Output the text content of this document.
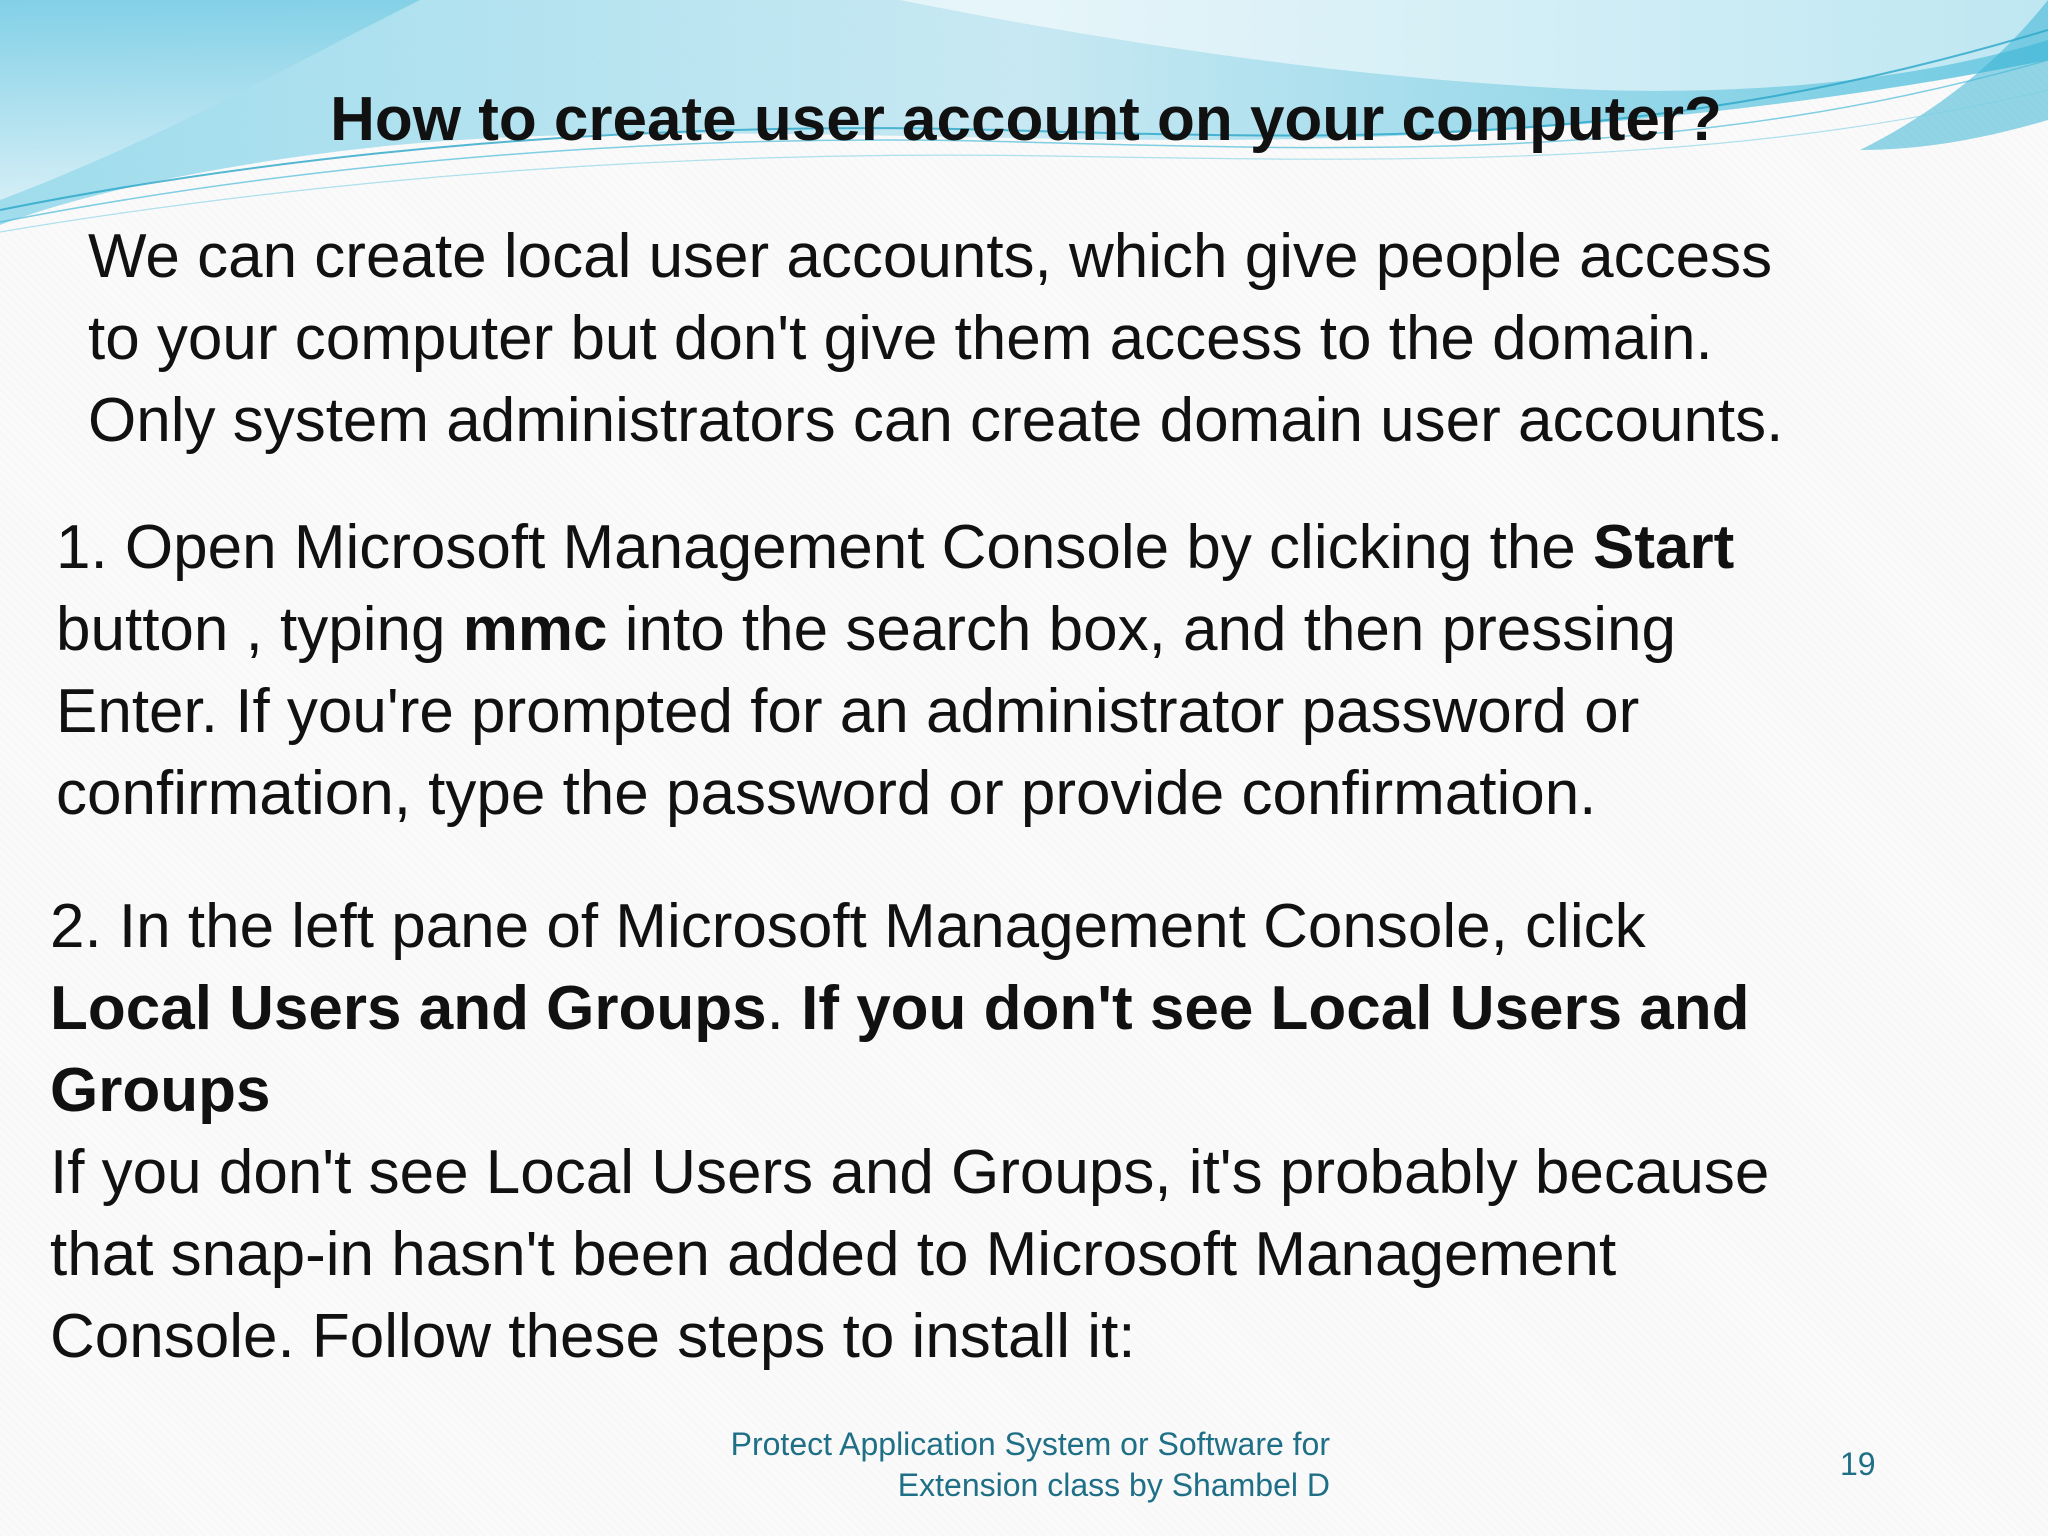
How to create user account on your computer?

We can create local user accounts, which give people access
to your computer but don't give them access to the domain.
Only system administrators can create domain user accounts.

1. Open Microsoft Management Console by clicking the Start
button , typing mmc into the search box, and then pressing
Enter. If you're prompted for an administrator password or
confirmation, type the password or provide confirmation.

2. In the left pane of Microsoft Management Console, click
Local Users and Groups. If you don't see Local Users and
Groups
If you don't see Local Users and Groups, it's probably because
that snap-in hasn't been added to Microsoft Management
Console. Follow these steps to install it:

Protect Application System or Software for
Extension class by Shambel D
19
